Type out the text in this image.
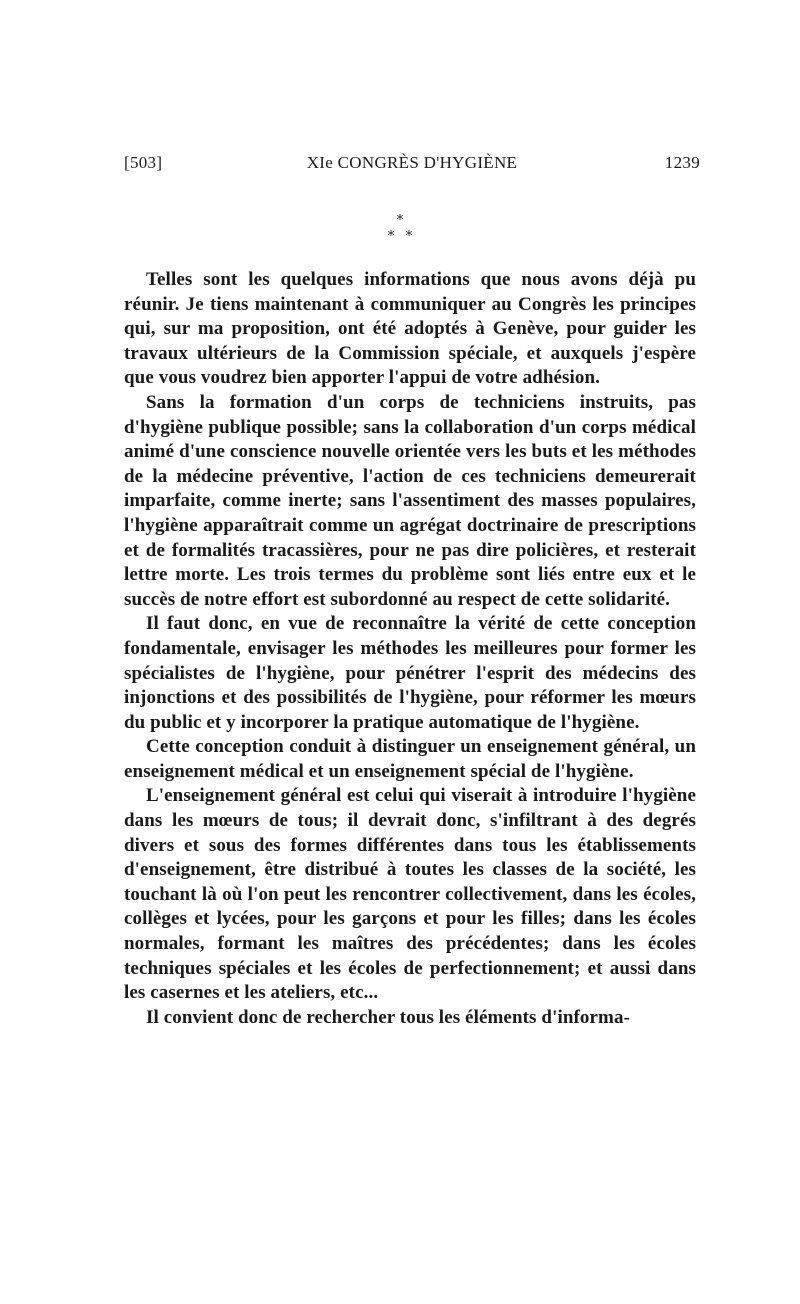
[503]	XIe CONGRÈS D'HYGIÈNE	1239
*
* *

Telles sont les quelques informations que nous avons déjà pu réunir. Je tiens maintenant à communiquer au Congrès les principes qui, sur ma proposition, ont été adoptés à Genève, pour guider les travaux ultérieurs de la Commission spéciale, et auxquels j'espère que vous voudrez bien apporter l'appui de votre adhésion.

Sans la formation d'un corps de techniciens instruits, pas d'hygiène publique possible; sans la collaboration d'un corps médical animé d'une conscience nouvelle orientée vers les buts et les méthodes de la médecine préventive, l'action de ces techniciens demeurerait imparfaite, comme inerte; sans l'assentiment des masses populaires, l'hygiène apparaîtrait comme un agrégat doctrinaire de prescriptions et de formalités tracassières, pour ne pas dire policières, et resterait lettre morte. Les trois termes du problème sont liés entre eux et le succès de notre effort est subordonné au respect de cette solidarité.

Il faut donc, en vue de reconnaître la vérité de cette conception fondamentale, envisager les méthodes les meilleures pour former les spécialistes de l'hygiène, pour pénétrer l'esprit des médecins des injonctions et des possibilités de l'hygiène, pour réformer les mœurs du public et y incorporer la pratique automatique de l'hygiène.

Cette conception conduit à distinguer un enseignement général, un enseignement médical et un enseignement spécial de l'hygiène.

L'enseignement général est celui qui viserait à introduire l'hygiène dans les mœurs de tous; il devrait donc, s'infiltrant à des degrés divers et sous des formes différentes dans tous les établissements d'enseignement, être distribué à toutes les classes de la société, les touchant là où l'on peut les rencontrer collectivement, dans les écoles, collèges et lycées, pour les garçons et pour les filles; dans les écoles normales, formant les maîtres des précédentes; dans les écoles techniques spéciales et les écoles de perfectionnement; et aussi dans les casernes et les ateliers, etc...

Il convient donc de rechercher tous les éléments d'informa-
